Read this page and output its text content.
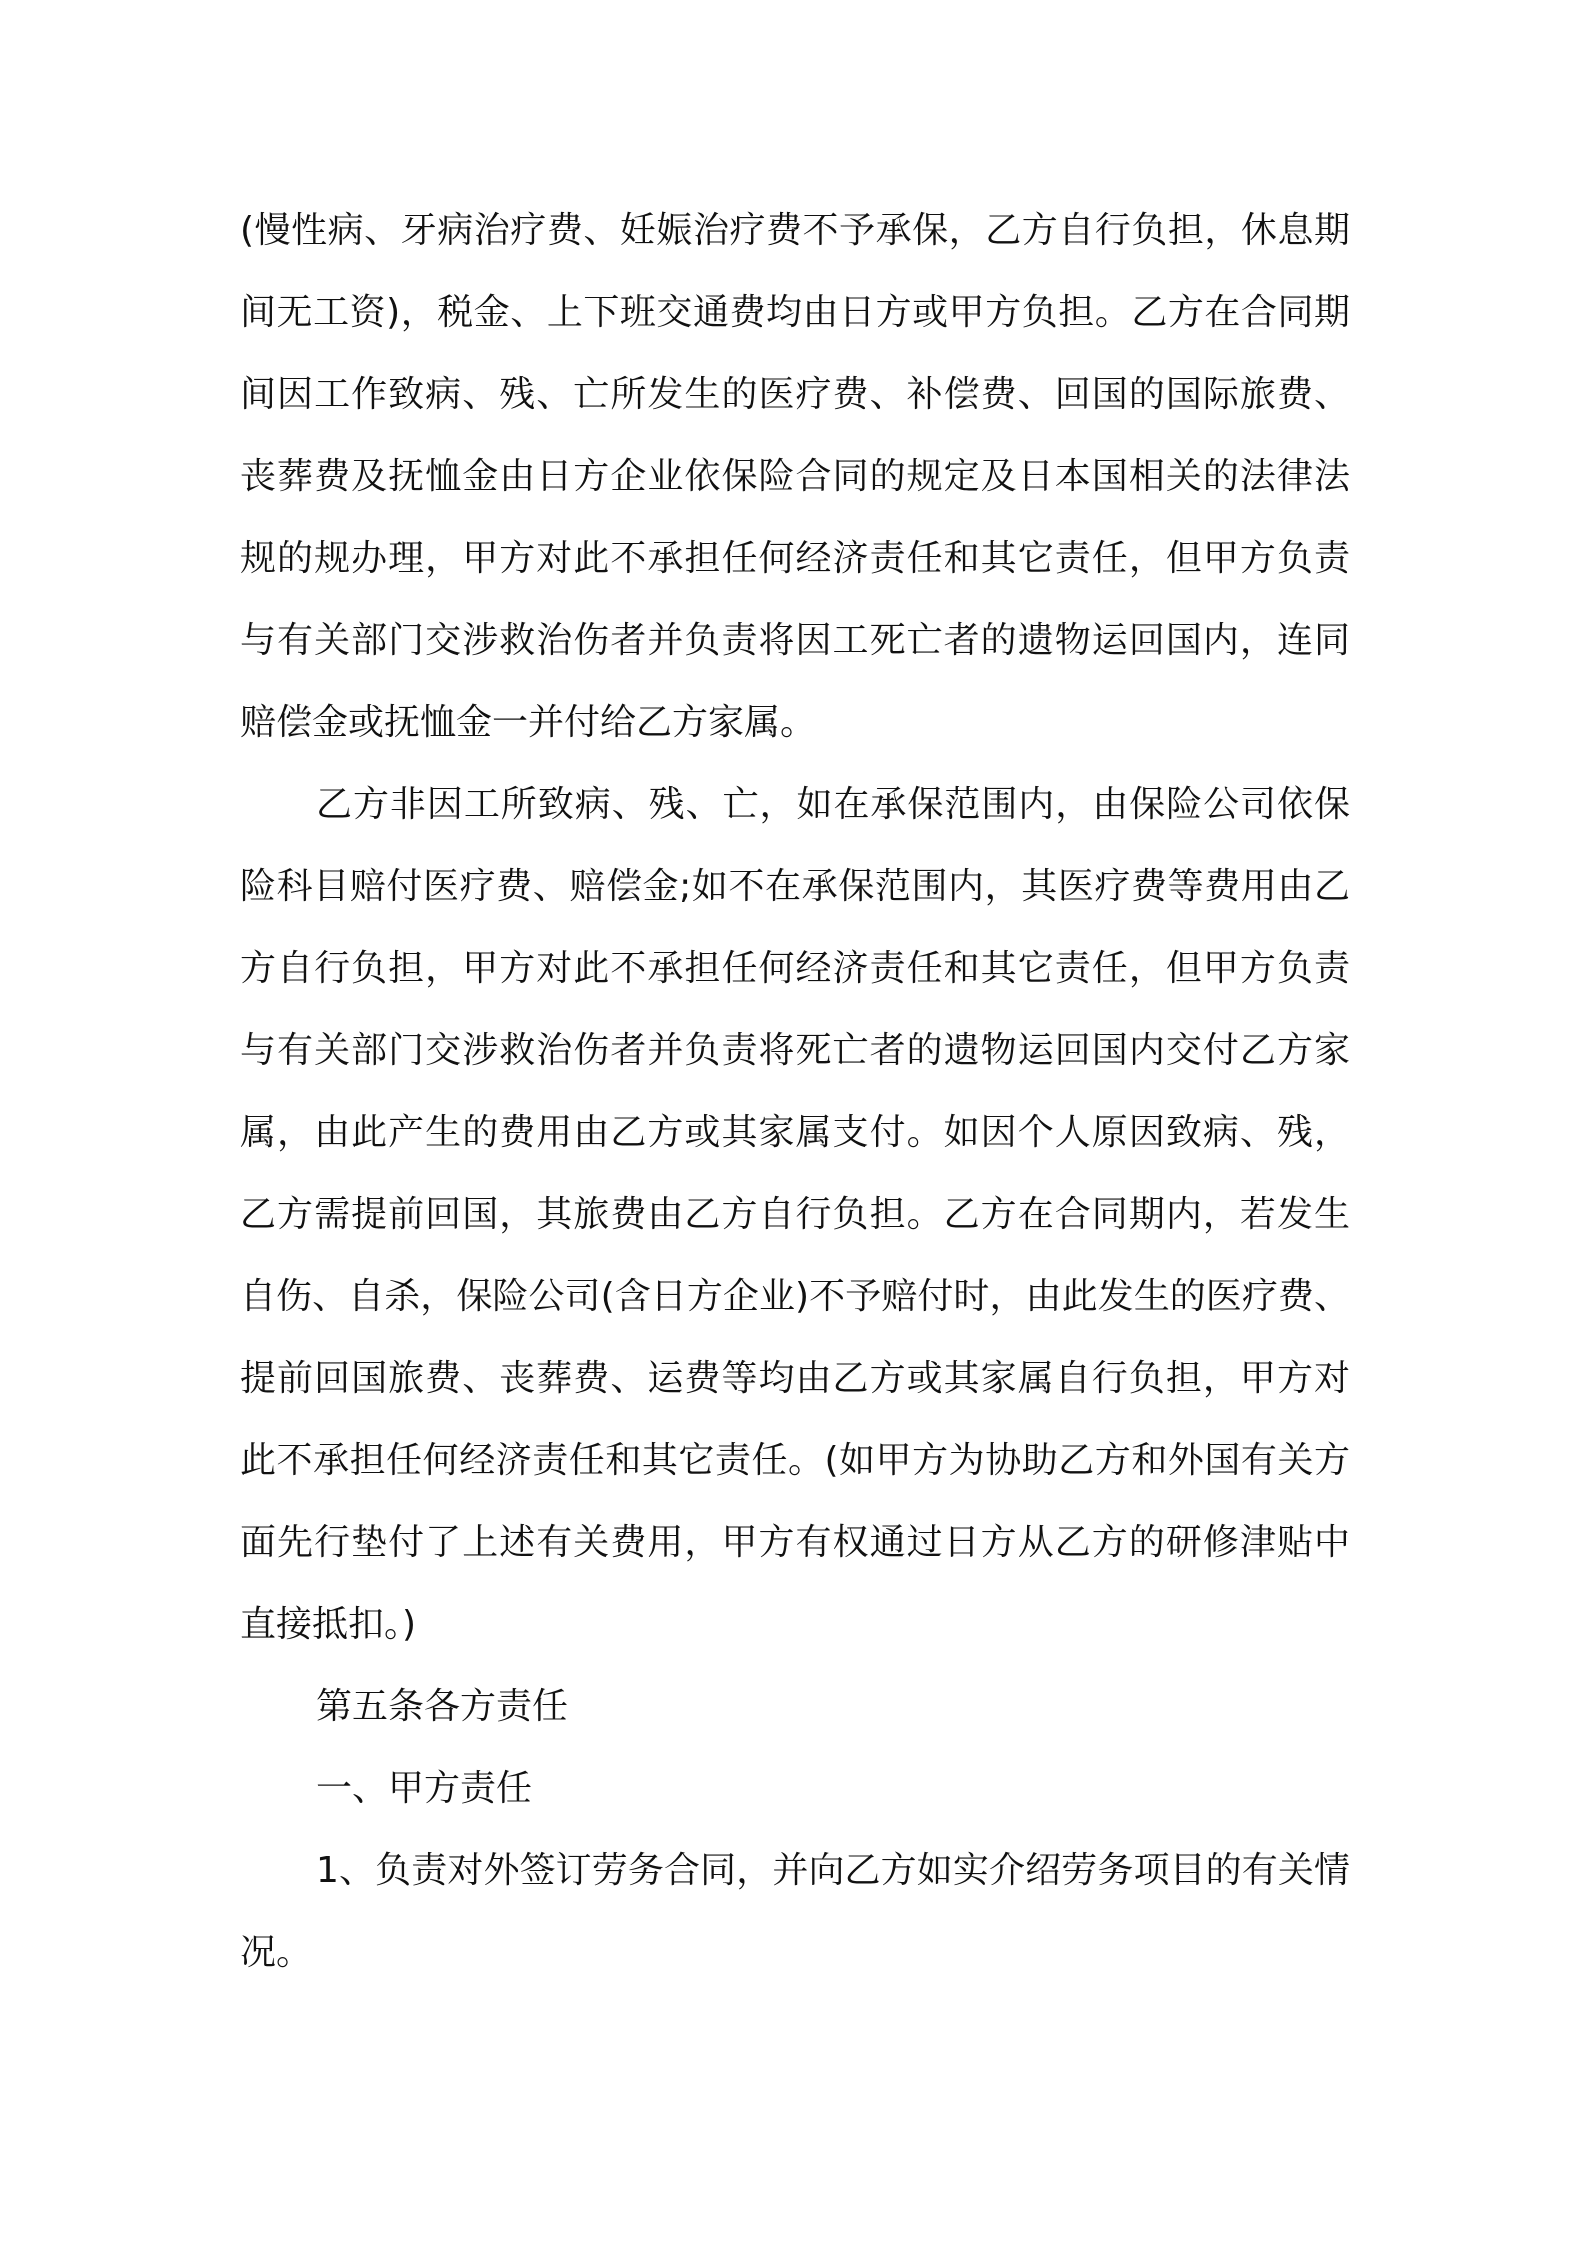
(慢性病、牙病治疗费、妊娠治疗费不予承保，乙方自行负担，休息期间无工资)，税金、上下班交通费均由日方或甲方负担。乙方在合同期间因工作致病、残、亡所发生的医疗费、补偿费、回国的国际旅费、丧葬费及抚恤金由日方企业依保险合同的规定及日本国相关的法律法规的规办理，甲方对此不承担任何经济责任和其它责任，但甲方负责与有关部门交涉救治伤者并负责将因工死亡者的遗物运回国内，连同赔偿金或抚恤金一并付给乙方家属。

乙方非因工所致病、残、亡，如在承保范围内，由保险公司依保险科目赔付医疗费、赔偿金;如不在承保范围内，其医疗费等费用由乙方自行负担，甲方对此不承担任何经济责任和其它责任，但甲方负责与有关部门交涉救治伤者并负责将死亡者的遗物运回国内交付乙方家属，由此产生的费用由乙方或其家属支付。如因个人原因致病、残，乙方需提前回国，其旅费由乙方自行负担。乙方在合同期内，若发生自伤、自杀，保险公司(含日方企业)不予赔付时，由此发生的医疗费、提前回国旅费、丧葬费、运费等均由乙方或其家属自行负担，甲方对此不承担任何经济责任和其它责任。(如甲方为协助乙方和外国有关方面先行垫付了上述有关费用，甲方有权通过日方从乙方的研修津贴中直接抵扣。)

第五条各方责任

一、甲方责任

1、负责对外签订劳务合同，并向乙方如实介绍劳务项目的有关情况。
